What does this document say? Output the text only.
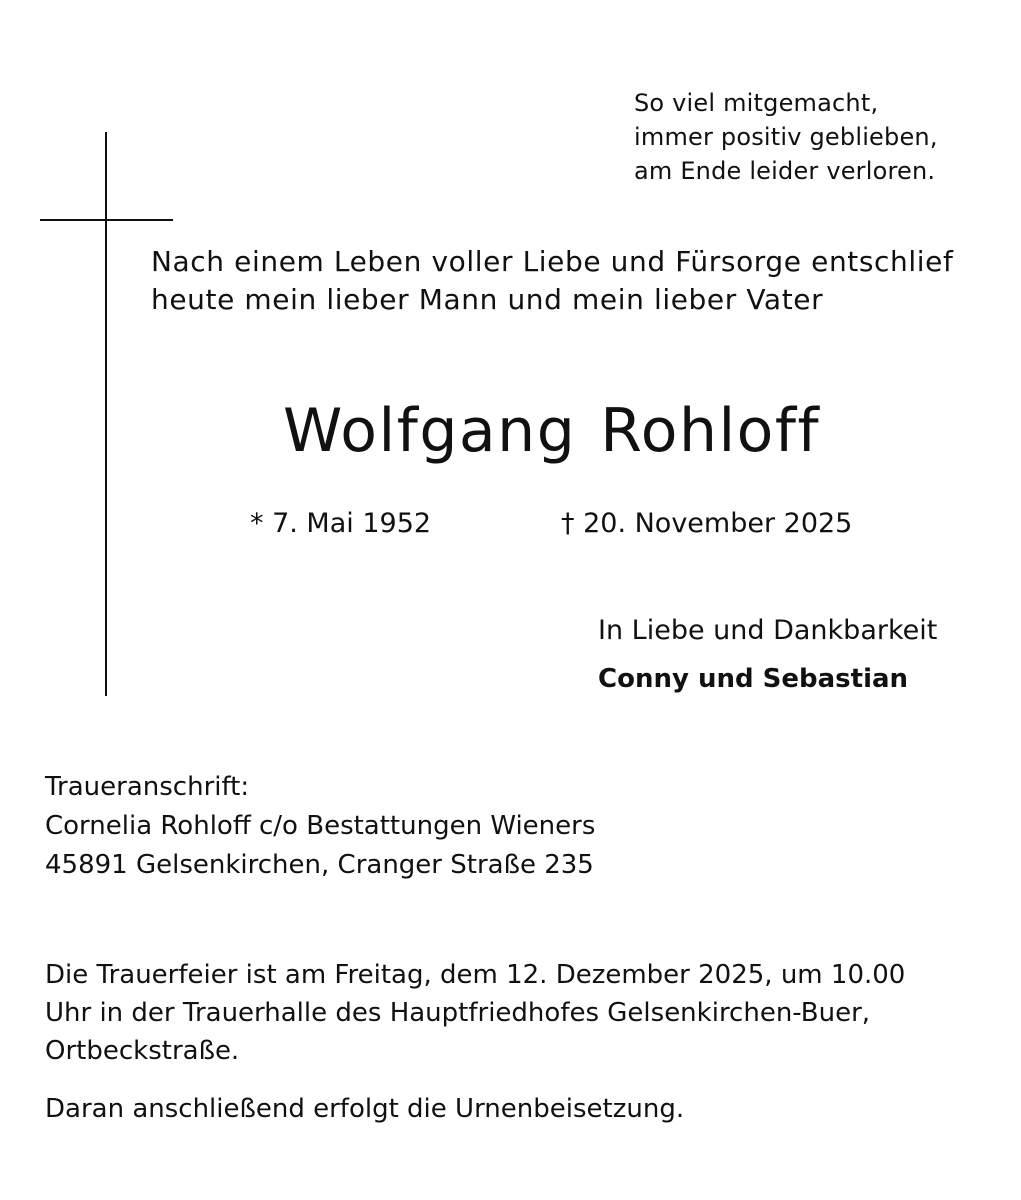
So viel mitgemacht,
immer positiv geblieben,
am Ende leider verloren.
Nach einem Leben voller Liebe und Fürsorge entschlief
heute mein lieber Mann und mein lieber Vater
Wolfgang Rohloff
* 7. Mai 1952	† 20. November 2025
In Liebe und Dankbarkeit
Conny und Sebastian
Traueranschrift:
Cornelia Rohloff c/o Bestattungen Wieners
45891 Gelsenkirchen, Cranger Straße 235
Die Trauerfeier ist am Freitag, dem 12. Dezember 2025, um 10.00
Uhr in der Trauerhalle des Hauptfriedhofes Gelsenkirchen-Buer,
Ortbeckstraße.
Daran anschließend erfolgt die Urnenbeisetzung.
